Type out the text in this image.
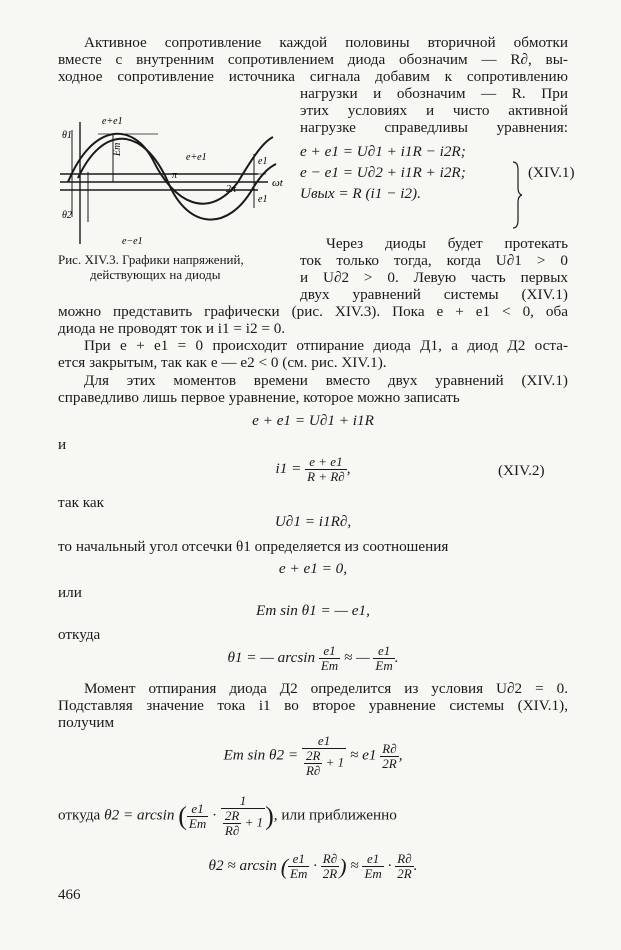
Активное сопротивление каждой половины вторичной обмотки
вместе с внутренним сопротивлением диода обозначим — R∂, вы-
ходное сопротивление источника сигнала добавим к сопротивлению
нагрузки и обозначим — R. При
этих условиях и чисто активной
нагрузке справедливы уравнения:
e + e1 = U∂1 + i1R − i2R;
e − e1 = U∂2 + i1R + i2R;
Uвых = R (i1 − i2).
(XIV.1)
e+e1
θ1
θ2
Em
e+e1	e1
e1
ωt
π
2π
e−e1
Рис. XIV.3. Графики напряжений,
действующих на диоды
Через диоды будет протекать
ток только тогда, когда U∂1 > 0
и U∂2 > 0. Левую часть первых
двух уравнений системы (XIV.1)
можно представить графически (рис. XIV.3). Пока e + e1 < 0, оба
диода не проводят ток и i1 = i2 = 0.
При e + e1 = 0 происходит отпирание диода Д1, а диод Д2 оста-
ется закрытым, так как e — e2 < 0 (см. рис. XIV.1).
Для этих моментов времени вместо двух уравнений (XIV.1)
справедливо лишь первое уравнение, которое можно записать
e + e1 = U∂1 + i1R
и
$i1 = \frac{e + e1}{R + R\partial}$ ,	(XIV.2)
так как
U∂1 = i1R∂,
то начальный угол отсечки θ1 определяется из соотношения
e + e1 = 0,
или
Em sin θ1 = — e1,
откуда
θ1 = — $\arcsin \frac{e1}{Em}$ ≈ — $\frac{e1}{Em}$ .
Момент отпирания диода Д2 определится из условия U∂2 = 0.
Подставляя значение тока i1 во второе уравнение системы (XIV.1),
получим
Em $\sin \theta 2 = \frac{e1}{\frac{2R}{R\partial} + 1} \approx e1 \frac{R\partial}{2R}$ ,
откуда θ2 = arcsin ( $\frac{e1}{Em} \cdot \frac{1}{\frac{2R}{R\partial} + 1}$ ), или приближенно
θ2 ≈ arcsin ( $\frac{e1}{Em} \cdot \frac{R\partial}{2R}$ ) ≈ $\frac{e1}{Em} \cdot \frac{R\partial}{2R}$ .
466
